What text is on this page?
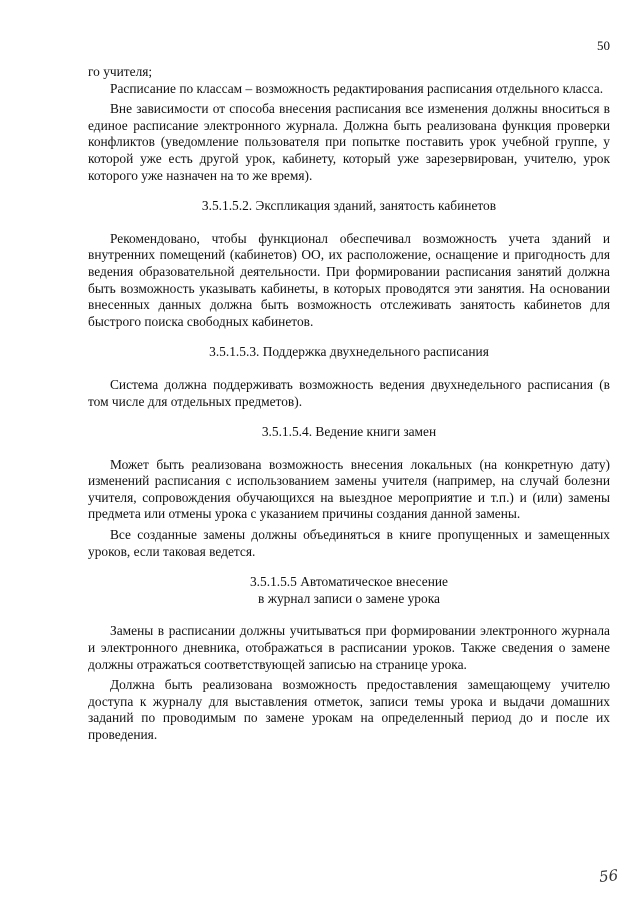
50

го учителя;

Расписание по классам – возможность редактирования расписания отдельного класса.

Вне зависимости от способа внесения расписания все изменения должны вноситься в единое расписание электронного журнала. Должна быть реализована функция проверки конфликтов (уведомление пользователя при попытке поставить урок учебной группе, у которой уже есть другой урок, кабинету, который уже зарезервирован, учителю, урок которого уже назначен на то же время).

3.5.1.5.2. Экспликация зданий, занятость кабинетов

Рекомендовано, чтобы функционал обеспечивал возможность учета зданий и внутренних помещений (кабинетов) ОО, их расположение, оснащение и пригодность для ведения образовательной деятельности. При формировании расписания занятий должна быть возможность указывать кабинеты, в которых проводятся эти занятия. На основании внесенных данных должна быть возможность отслеживать занятость кабинетов для быстрого поиска свободных кабинетов.

3.5.1.5.3. Поддержка двухнедельного расписания

Система должна поддерживать возможность ведения двухнедельного расписания (в том числе для отдельных предметов).

3.5.1.5.4. Ведение книги замен

Может быть реализована возможность внесения локальных (на конкретную дату) изменений расписания с использованием замены учителя (например, на случай болезни учителя, сопровождения обучающихся на выездное мероприятие и т.п.) и (или) замены предмета или отмены урока с указанием причины создания данной замены.

Все созданные замены должны объединяться в книге пропущенных и замещенных уроков, если таковая ведется.

3.5.1.5.5 Автоматическое внесение
в журнал записи о замене урока

Замены в расписании должны учитываться при формировании электронного журнала и электронного дневника, отображаться в расписании уроков. Также сведения о замене должны отражаться соответствующей записью на странице урока.

Должна быть реализована возможность предоставления замещающему учителю доступа к журналу для выставления отметок, записи темы урока и выдачи домашних заданий по проводимым по замене урокам на определенный период до и после их проведения.

56
